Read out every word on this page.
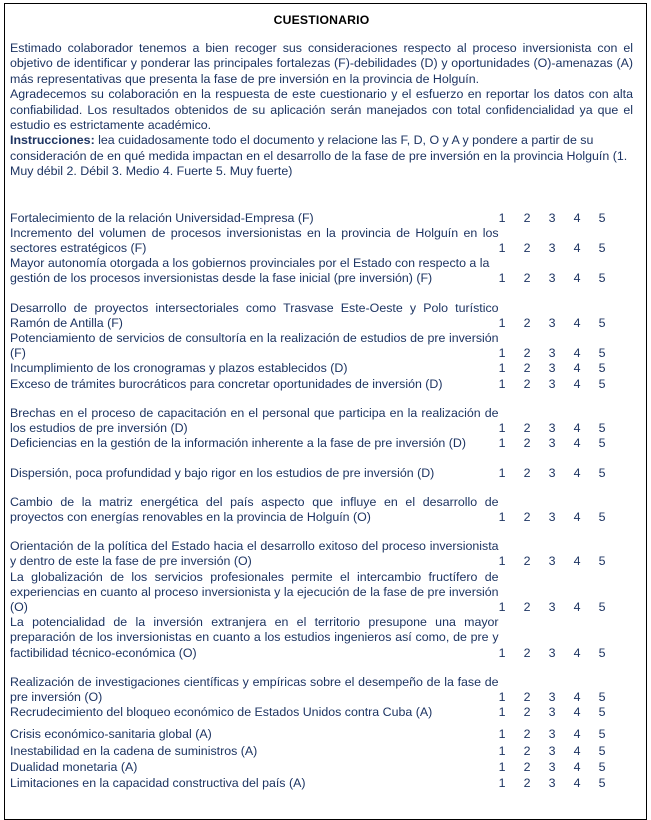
CUESTIONARIO

Estimado colaborador tenemos a bien recoger sus consideraciones respecto al proceso inversionista con el objetivo de identificar y ponderar las principales fortalezas (F)-debilidades (D) y oportunidades (O)-amenazas (A) más representativas que presenta la fase de pre inversión en la provincia de Holguín.

Agradecemos su colaboración en la respuesta de este cuestionario y el esfuerzo en reportar los datos con alta confiabilidad. Los resultados obtenidos de su aplicación serán manejados con total confidencialidad ya que el estudio es estrictamente académico.

Instrucciones: lea cuidadosamente todo el documento y relacione las F, D, O y A y pondere a partir de su consideración de en qué medida impactan en el desarrollo de la fase de pre inversión en la provincia Holguín (1. Muy débil 2. Débil 3. Medio 4. Fuerte 5. Muy fuerte)

Fortalecimiento de la relación Universidad-Empresa (F)	1 2 3 4 5
Incremento del volumen de procesos inversionistas en la provincia de Holguín en los sectores estratégicos (F)	1 2 3 4 5
Mayor autonomía otorgada a los gobiernos provinciales por el Estado con respecto a la gestión de los procesos inversionistas desde la fase inicial (pre inversión) (F)	1 2 3 4 5
Desarrollo de proyectos intersectoriales como Trasvase Este-Oeste y Polo turístico Ramón de Antilla (F)	1 2 3 4 5
Potenciamiento de servicios de consultoría en la realización de estudios de pre inversión (F)	1 2 3 4 5
Incumplimiento de los cronogramas y plazos establecidos (D)	1 2 3 4 5
Exceso de trámites burocráticos para concretar oportunidades de inversión (D)	1 2 3 4 5
Brechas en el proceso de capacitación en el personal que participa en la realización de los estudios de pre inversión (D)	1 2 3 4 5
Deficiencias en la gestión de la información inherente a la fase de pre inversión (D)	1 2 3 4 5
Dispersión, poca profundidad y bajo rigor en los estudios de pre inversión (D)	1 2 3 4 5
Cambio de la matriz energética del país aspecto que influye en el desarrollo de proyectos con energías renovables en la provincia de Holguín (O)	1 2 3 4 5
Orientación de la política del Estado hacia el desarrollo exitoso del proceso inversionista y dentro de este la fase de pre inversión (O)	1 2 3 4 5
La globalización de los servicios profesionales permite el intercambio fructífero de experiencias en cuanto al proceso inversionista y la ejecución de la fase de pre inversión (O)	1 2 3 4 5
La potencialidad de la inversión extranjera en el territorio presupone una mayor preparación de los inversionistas en cuanto a los estudios ingenieros así como, de pre y factibilidad técnico-económica (O)	1 2 3 4 5
Realización de investigaciones científicas y empíricas sobre el desempeño de la fase de pre inversión (O)	1 2 3 4 5
Recrudecimiento del bloqueo económico de Estados Unidos contra Cuba (A)	1 2 3 4 5
Crisis económico-sanitaria global (A)	1 2 3 4 5
Inestabilidad en la cadena de suministros (A)	1 2 3 4 5
Dualidad monetaria (A)	1 2 3 4 5
Limitaciones en la capacidad constructiva del país (A)	1 2 3 4 5
